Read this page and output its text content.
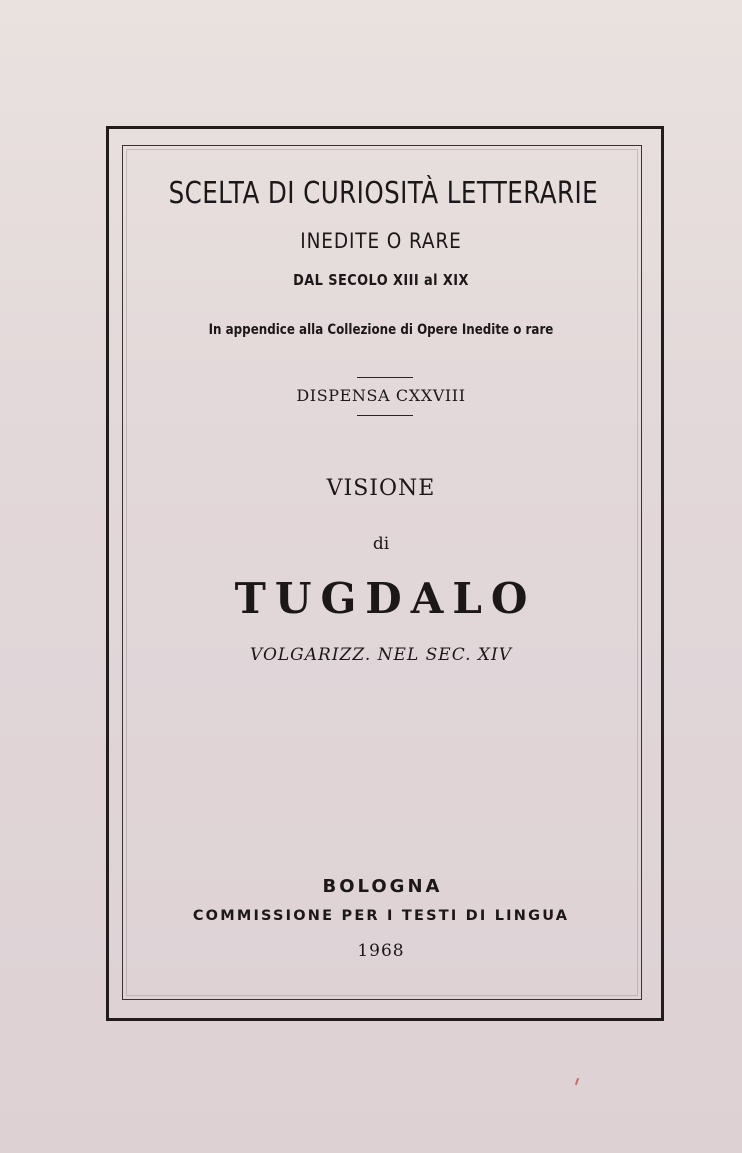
SCELTA DI CURIOSITÀ LETTERARIE
INEDITE O RARE
DAL SECOLO XIII al XIX
In appendice alla Collezione di Opere Inedite o rare
DISPENSA CXXVIII
VISIONE
di
TUGDALO
VOLGARIZZ. NEL SEC. XIV
BOLOGNA
COMMISSIONE PER I TESTI DI LINGUA
1968
